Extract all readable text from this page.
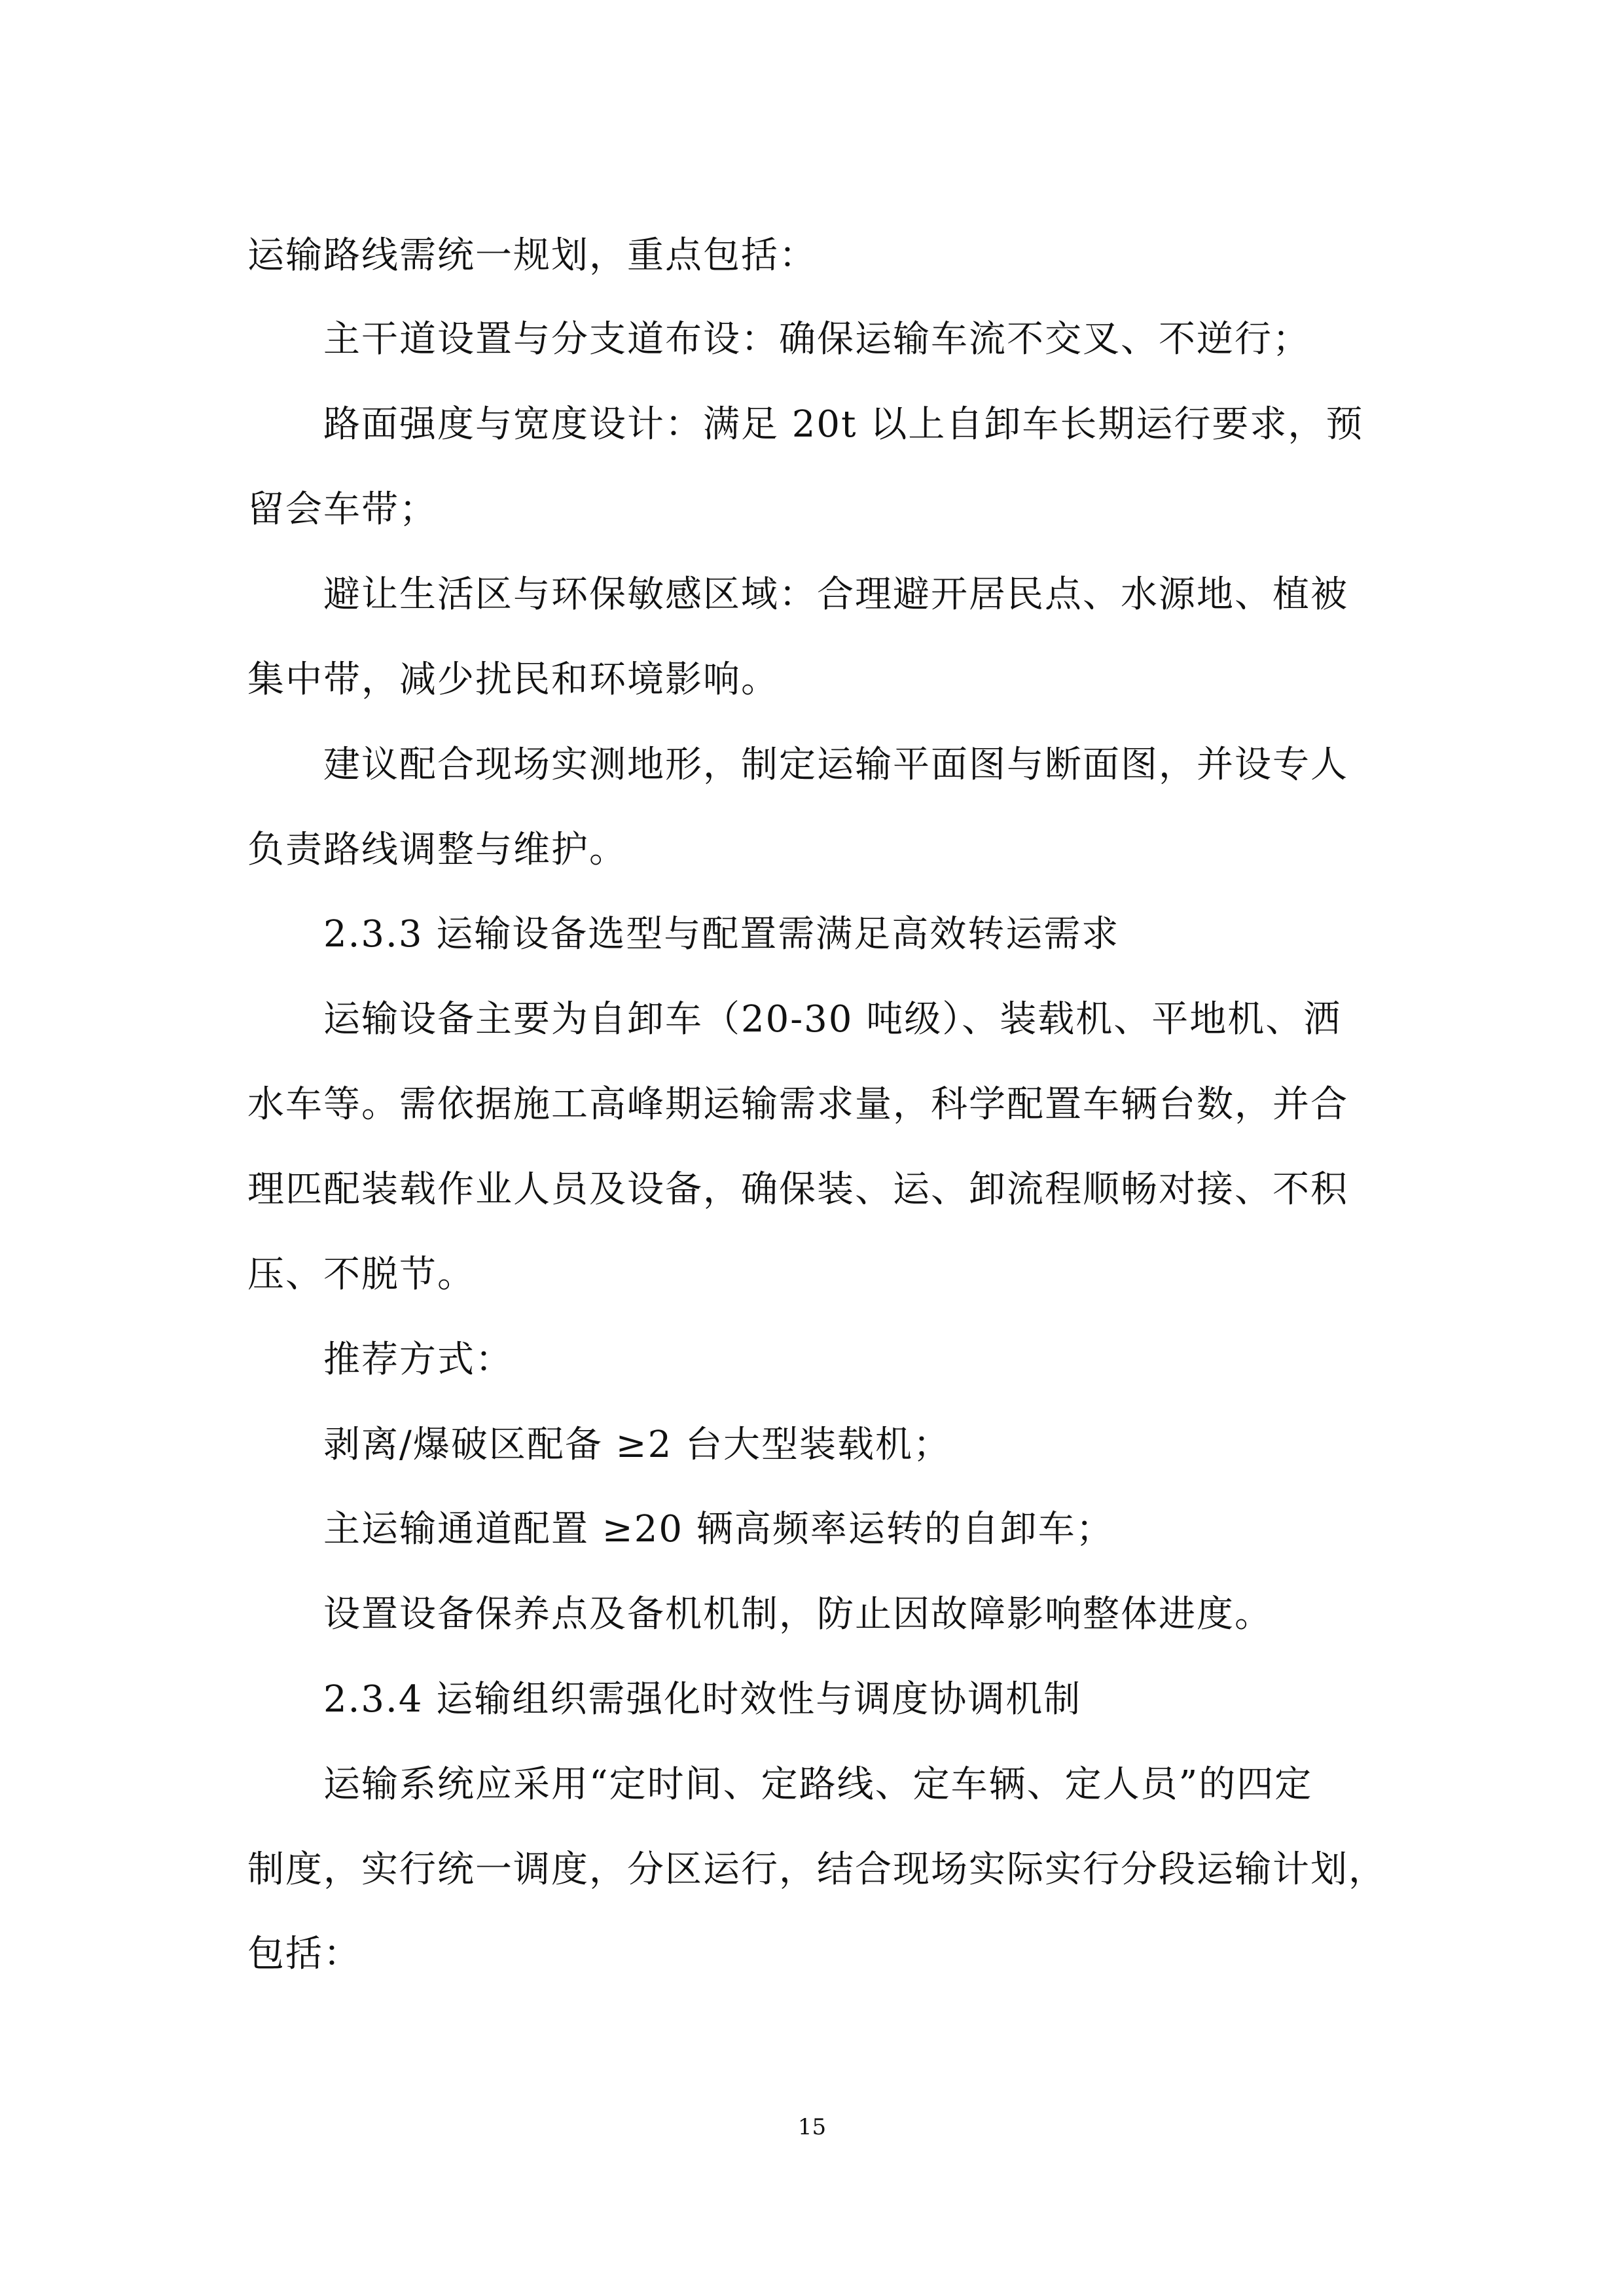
运输路线需统一规划，重点包括：
主干道设置与分支道布设：确保运输车流不交叉、不逆行；
路面强度与宽度设计：满足 20t 以上自卸车长期运行要求，预
留会车带；
避让生活区与环保敏感区域：合理避开居民点、水源地、植被
集中带，减少扰民和环境影响。
建议配合现场实测地形，制定运输平面图与断面图，并设专人
负责路线调整与维护。
2.3.3 运输设备选型与配置需满足高效转运需求
运输设备主要为自卸车（20-30 吨级）、装载机、平地机、洒
水车等。需依据施工高峰期运输需求量，科学配置车辆台数，并合
理匹配装载作业人员及设备，确保装、运、卸流程顺畅对接、不积
压、不脱节。
推荐方式：
剥离/爆破区配备 ≥2 台大型装载机；
主运输通道配置 ≥20 辆高频率运转的自卸车；
设置设备保养点及备机机制，防止因故障影响整体进度。
2.3.4 运输组织需强化时效性与调度协调机制
运输系统应采用“定时间、定路线、定车辆、定人员”的四定
制度，实行统一调度，分区运行，结合现场实际实行分段运输计划，
包括：
15
